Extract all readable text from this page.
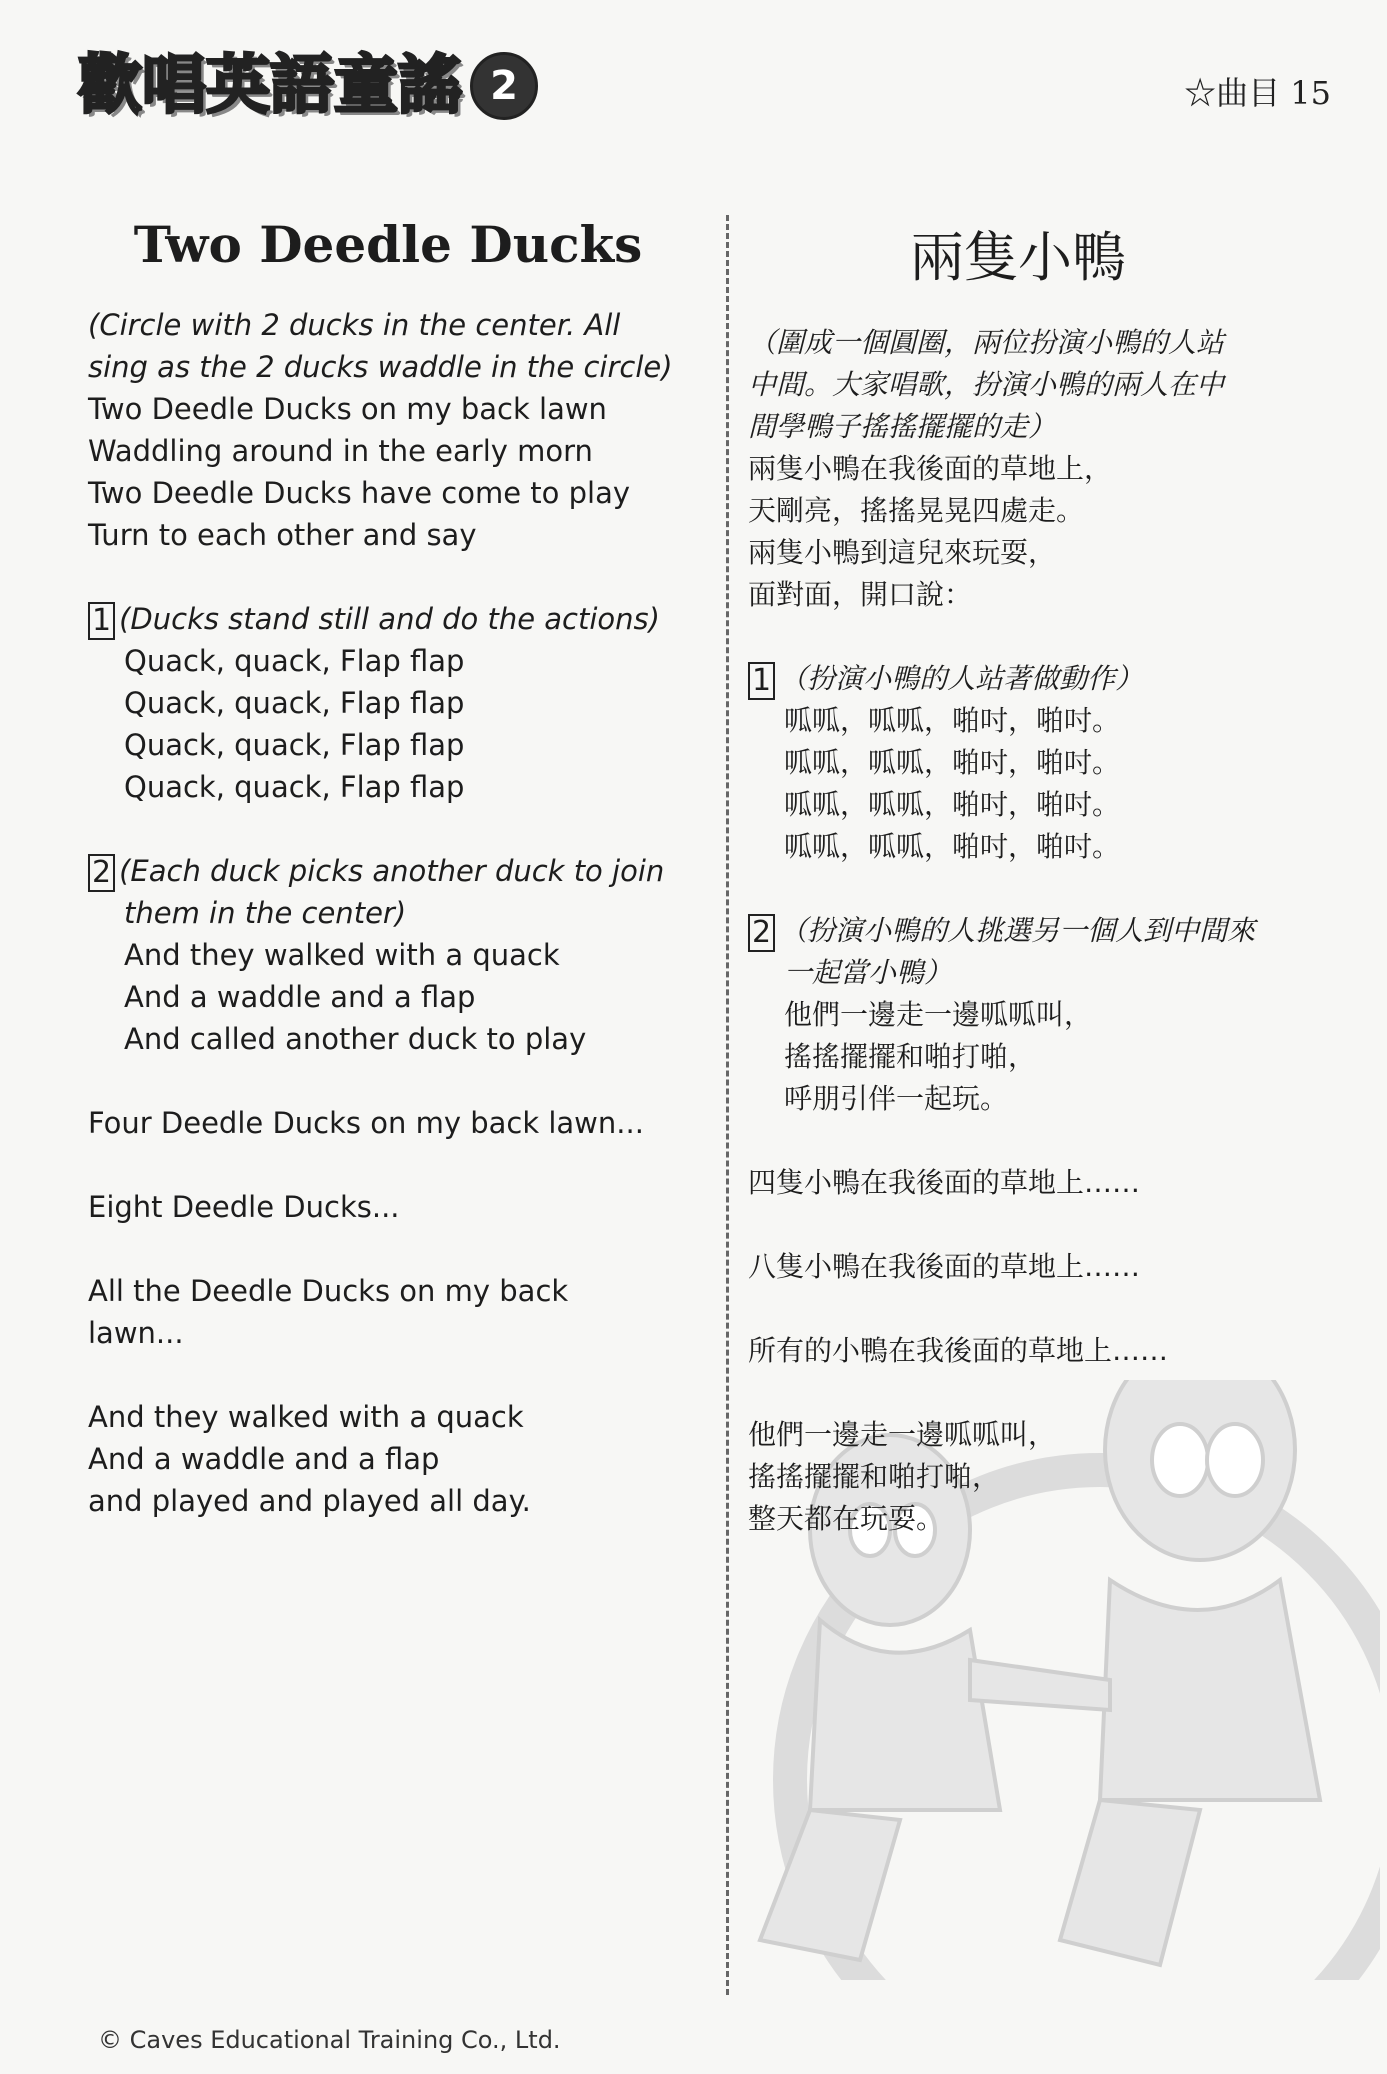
歡 唱 英 語 童 謠 2	☆曲目 15
Two Deedle Ducks
(Circle with 2 ducks in the center. All
sing as the 2 ducks waddle in the circle)
Two Deedle Ducks on my back lawn
Waddling around in the early morn
Two Deedle Ducks have come to play
Turn to each other and say
1 (Ducks stand still and do the actions)
Quack, quack, Flap flap
Quack, quack, Flap flap
Quack, quack, Flap flap
Quack, quack, Flap flap
2 (Each duck picks another duck to join
them in the center)
And they walked with a quack
And a waddle and a flap
And called another duck to play
Four Deedle Ducks on my back lawn...
Eight Deedle Ducks...
All the Deedle Ducks on my back
lawn...
And they walked with a quack
And a waddle and a flap
and played and played all day.
兩隻小鴨
（圍成一個圓圈，兩位扮演小鴨的人站
中間。大家唱歌，扮演小鴨的兩人在中
間學鴨子搖搖擺擺的走）
兩隻小鴨在我後面的草地上，
天剛亮，搖搖晃晃四處走。
兩隻小鴨到這兒來玩耍，
面對面，開口說：
1 （扮演小鴨的人站著做動作）
呱呱，呱呱，啪吋，啪吋。
呱呱，呱呱，啪吋，啪吋。
呱呱，呱呱，啪吋，啪吋。
呱呱，呱呱，啪吋，啪吋。
2 （扮演小鴨的人挑選另一個人到中間來
一起當小鴨）
他們一邊走一邊呱呱叫，
搖搖擺擺和啪打啪，
呼朋引伴一起玩。
四隻小鴨在我後面的草地上……
八隻小鴨在我後面的草地上……
所有的小鴨在我後面的草地上……
他們一邊走一邊呱呱叫，
搖搖擺擺和啪打啪，
整天都在玩耍。
© Caves Educational Training Co., Ltd.
